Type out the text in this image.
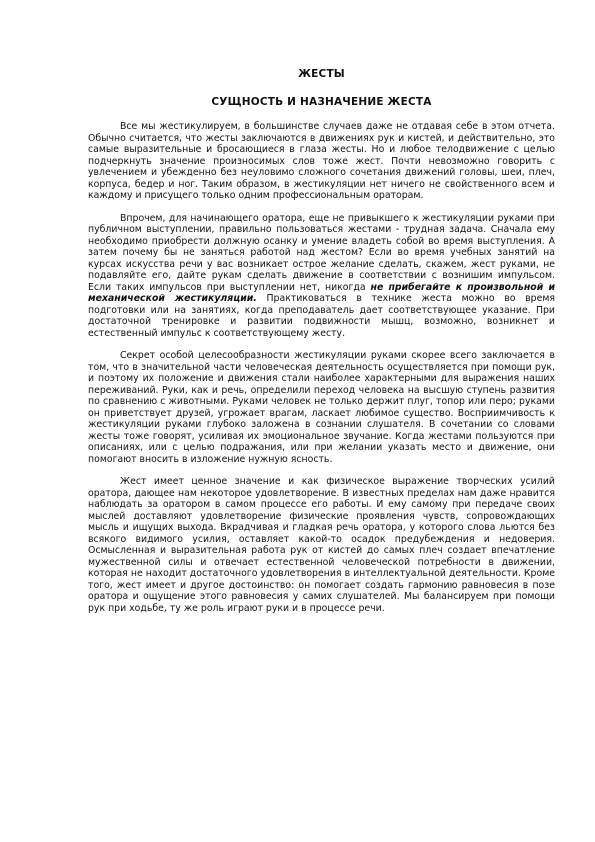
ЖЕСТЫ
СУЩНОСТЬ И НАЗНАЧЕНИЕ ЖЕСТА

Все мы жестикулируем, в большинстве случаев даже не отдавая себе в этом отчета. Обычно считается, что жесты заключаются в движениях рук и кистей, и действительно, это самые выразительные и бросающиеся в глаза жесты. Но и любое телодвижение с целью подчеркнуть значение произносимых слов тоже жест. Почти невозможно говорить с увлечением и убежденно без неуловимо сложного сочетания движений головы, шеи, плеч, корпуса, бедер и ног. Таким образом, в жестикуляции нет ничего не свойственного всем и каждому и присущего только одним профессиональным ораторам.

Впрочем, для начинающего оратора, еще не привыкшего к жестикуляции руками при публичном выступлении, правильно пользоваться жестами - трудная задача. Сначала ему необходимо приобрести должную осанку и умение владеть собой во время выступления. А затем почему бы не заняться работой над жестом? Если во время учебных занятий на курсах искусства речи у вас возникает острое желание сделать, скажем, жест руками, не подавляйте его, дайте рукам сделать движение в соответствии с вознишим импульсом. Если таких импульсов при выступлении нет, никогда не прибегайте к произвольной и механической жестикуляции. Практиковаться в технике жеста можно во время подготовки или на занятиях, когда преподаватель дает соответствующее указание. При достаточной тренировке и развитии подвижности мышц, возможно, возникнет и естественный импульс к соответствующему жесту.

Секрет особой целесообразности жестикуляции руками скорее всего заключается в том, что в значительной части человеческая деятельность осуществляется при помощи рук, и поэтому их положение и движения стали наиболее характерными для выражения наших переживаний. Руки, как и речь, определили переход человека на высшую ступень развития по сравнению с животными. Руками человек не только держит плуг, топор или перо; руками он приветствует друзей, угрожает врагам, ласкает любимое существо. Восприимчивость к жестикуляции руками глубоко заложена в сознании слушателя. В сочетании со словами жесты тоже говорят, усиливая их эмоциональное звучание. Когда жестами пользуются при описаниях, или с целью подражания, или при желании указать место и движение, они помогают вносить в изложение нужную ясность.

Жест имеет ценное значение и как физическое выражение творческих усилий оратора, дающее нам некоторое удовлетворение. В известных пределах нам даже нравится наблюдать за оратором в самом процессе его работы. И ему самому при передаче своих мыслей доставляют удовлетворение физические проявления чувств, сопровождающих мысль и ищущих выхода. Вкрадчивая и гладкая речь оратора, у которого слова льются без всякого видимого усилия, оставляет какой-то осадок предубеждения и недоверия. Осмысленная и выразительная работа рук от кистей до самых плеч создает впечатление мужественной силы и отвечает естественной человеческой потребности в движении, которая не находит достаточного удовлетворения в интеллектуальной деятельности. Кроме того, жест имеет и другое достоинство: он помогает создать гармонию равновесия в позе оратора и ощущение этого равновесия у самих слушателей. Мы балансируем при помощи рук при ходьбе, ту же роль играют руки и в процессе речи.
